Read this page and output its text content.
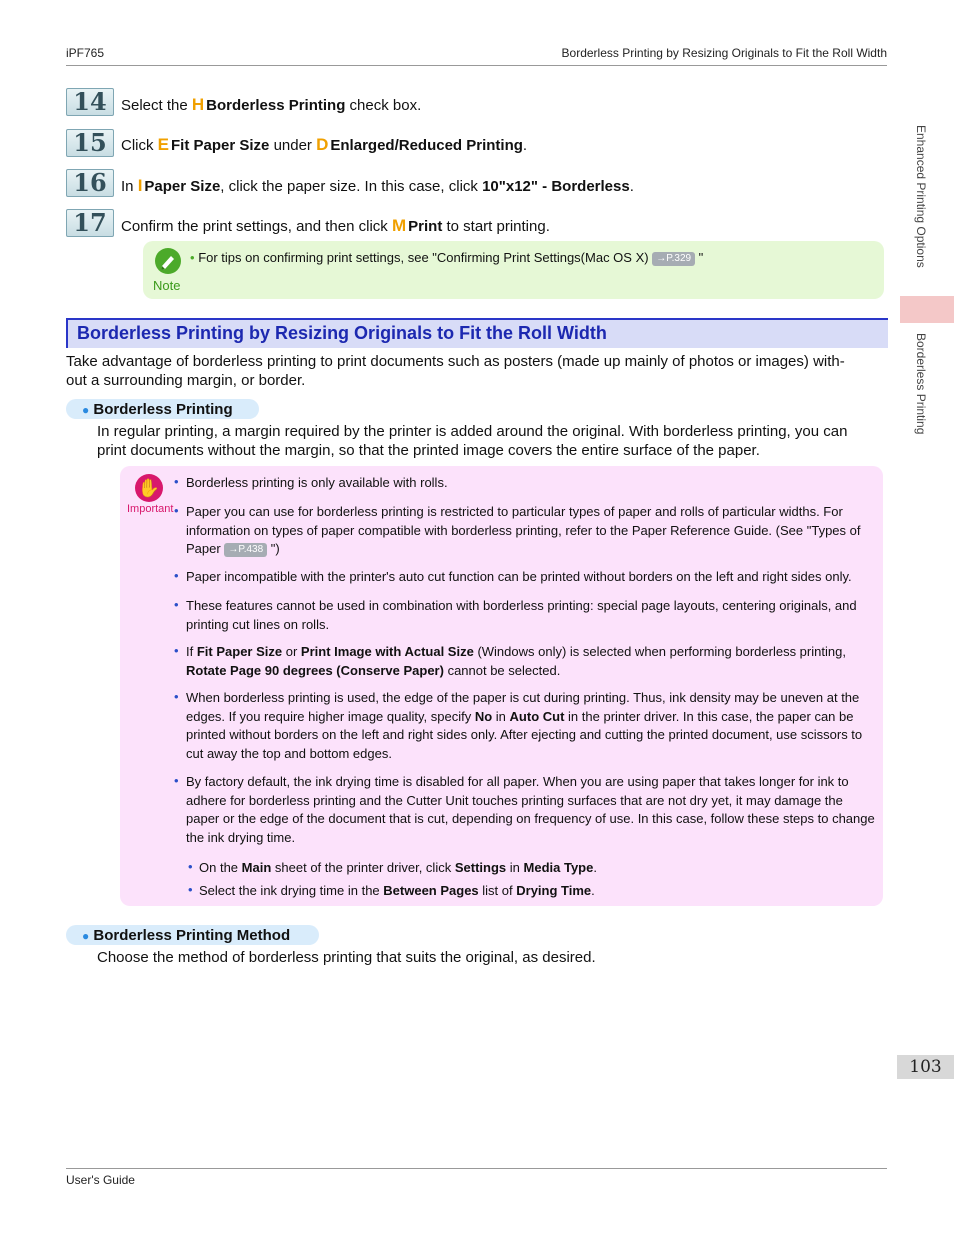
iPF765	Borderless Printing by Resizing Originals to Fit the Roll Width
14 Select the H Borderless Printing check box.
15 Click E Fit Paper Size under D Enlarged/Reduced Printing.
16 In I Paper Size, click the paper size. In this case, click 10"x12" - Borderless.
17 Confirm the print settings, and then click M Print to start printing.
Note
• For tips on confirming print settings, see "Confirming Print Settings(Mac OS X) →P.329 "
Borderless Printing by Resizing Originals to Fit the Roll Width
Take advantage of borderless printing to print documents such as posters (made up mainly of photos or images) with-
out a surrounding margin, or border.
● Borderless Printing
In regular printing, a margin required by the printer is added around the original. With borderless printing, you can
print documents without the margin, so that the printed image covers the entire surface of the paper.
✋
Important
• Borderless printing is only available with rolls.
• Paper you can use for borderless printing is restricted to particular types of paper and rolls of particular widths. For
information on types of paper compatible with borderless printing, refer to the Paper Reference Guide. (See "Types of
Paper →P.438 ")
• Paper incompatible with the printer's auto cut function can be printed without borders on the left and right sides only.
• These features cannot be used in combination with borderless printing: special page layouts, centering originals, and
printing cut lines on rolls.
• If Fit Paper Size or Print Image with Actual Size (Windows only) is selected when performing borderless printing,
Rotate Page 90 degrees (Conserve Paper) cannot be selected.
• When borderless printing is used, the edge of the paper is cut during printing. Thus, ink density may be uneven at the
edges. If you require higher image quality, specify No in Auto Cut in the printer driver. In this case, the paper can be
printed without borders on the left and right sides only. After ejecting and cutting the printed document, use scissors to
cut away the top and bottom edges.
• By factory default, the ink drying time is disabled for all paper. When you are using paper that takes longer for ink to
adhere for borderless printing and the Cutter Unit touches printing surfaces that are not dry yet, it may damage the
paper or the edge of the document that is cut, depending on frequency of use. In this case, follow these steps to change
the ink drying time.
• On the Main sheet of the printer driver, click Settings in Media Type.
• Select the ink drying time in the Between Pages list of Drying Time.
● Borderless Printing Method
Choose the method of borderless printing that suits the original, as desired.
Enhanced Printing Options
Borderless Printing
103
User's Guide
